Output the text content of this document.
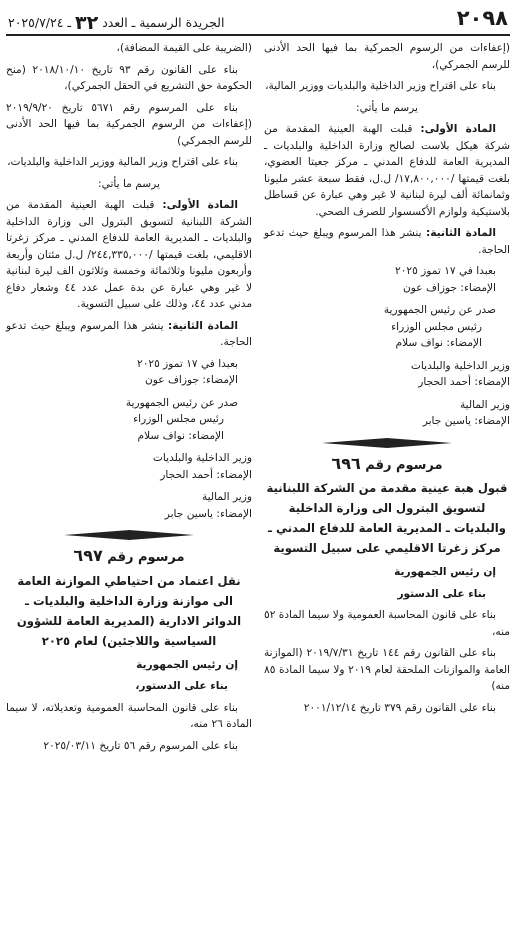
٢٠٩٨
الجريدة الرسمية ـ العدد ٣٢ ـ ٢٠٢٥/٧/٢٤

(إعفاءات من الرسوم الجمركية بما فيها الحد الأدنى للرسم الجمركي)،

بناء على اقتراح وزير الداخلية والبلديات ووزير المالية،

يرسم ما يأتي:

المادة الأولى: قبلت الهبة العينية المقدمة من شركة هيكل بلاست لصالح وزارة الداخلية والبلديات ـ المديرية العامة للدفاع المدني ـ مركز جعيتا العضوي، بلغت قيمتها /١٧,٨٠٠,٠٠٠/ ل.ل، فقط سبعة عشر مليونا وثمانمائة ألف ليرة لبنانية لا غير وهي عبارة عن قساطل بلاستيكية ولوازم الأكسسوار للصرف الصحي.

المادة الثانية: ينشر هذا المرسوم ويبلغ حيث تدعو الحاجة.

بعبدا في ١٧ تموز ٢٠٢٥
الإمضاء: جوزاف عون
صدر عن رئيس الجمهورية
رئيس مجلس الوزراء
الإمضاء: نواف سلام
وزير الداخلية والبلديات
الإمضاء: أحمد الحجار
وزير المالية
الإمضاء: ياسين جابر
مرسوم رقم ٦٩٦
قبول هبة عينية مقدمة من الشركة اللبنانية لتسويق البترول الى وزارة الداخلية والبلديات ـ المديرية العامة للدفاع المدني ـ مركز زغرتا الاقليمي على سبيل التسوية

إن رئيس الجمهورية

بناء على الدستور

بناء على قانون المحاسبة العمومية ولا سيما المادة ٥٢ منه،

بناء على القانون رقم ١٤٤ تاريخ ٢٠١٩/٧/٣١ (الموازنة العامة والموازنات الملحقة لعام ٢٠١٩ ولا سيما المادة ٨٥ منه)

بناء على القانون رقم ٣٧٩ تاريخ ٢٠٠١/١٢/١٤

(الضريبة على القيمة المضافة)،

بناء على القانون رقم ٩٣ تاريخ ٢٠١٨/١٠/١٠ (منح الحكومة حق التشريع في الحقل الجمركي)،

بناء على المرسوم رقم ٥٦٧١ تاريخ ٢٠١٩/٩/٢٠ (إعفاءات من الرسوم الجمركية بما فيها الحد الأدنى للرسم الجمركي)

بناء على اقتراح وزير المالية ووزير الداخلية والبلديات،

يرسم ما يأتي:

المادة الأولى: قبلت الهبة العينية المقدمة من الشركة اللبنانية لتسويق البترول الى وزارة الداخلية والبلديات ـ المديرية العامة للدفاع المدني ـ مركز زغرتا الاقليمي، بلغت قيمتها /٢٤٤,٣٣٥,٠٠٠/ ل.ل مئتان وأربعة وأربعون مليونا وثلاثمائة وخمسة وثلاثون الف ليرة لبنانية لا غير وهي عبارة عن بدة عمل عدد ٤٤ وشعار دفاع مدني عدد ٤٤، وذلك على سبيل التسوية.

المادة الثانية: ينشر هذا المرسوم ويبلغ حيث تدعو الحاجة.

بعبدا في ١٧ تموز ٢٠٢٥
الإمضاء: جوزاف عون
صدر عن رئيس الجمهورية
رئيس مجلس الوزراء
الإمضاء: نواف سلام
وزير الداخلية والبلديات
الإمضاء: أحمد الحجار
وزير المالية
الإمضاء: ياسين جابر
مرسوم رقم ٦٩٧
نقل اعتماد من احتياطي الموازنة العامة الى موازنة وزارة الداخلية والبلديات ـ الدوائر الادارية (المديرية العامة للشؤون السياسية واللاجئين) لعام ٢٠٢٥

إن رئيس الجمهورية

بناء على الدستور،

بناء على قانون المحاسبة العمومية وتعديلاته، لا سيما المادة ٢٦ منه،

بناء على المرسوم رقم ٥٦ تاريخ ٢٠٢٥/٠٣/١١
